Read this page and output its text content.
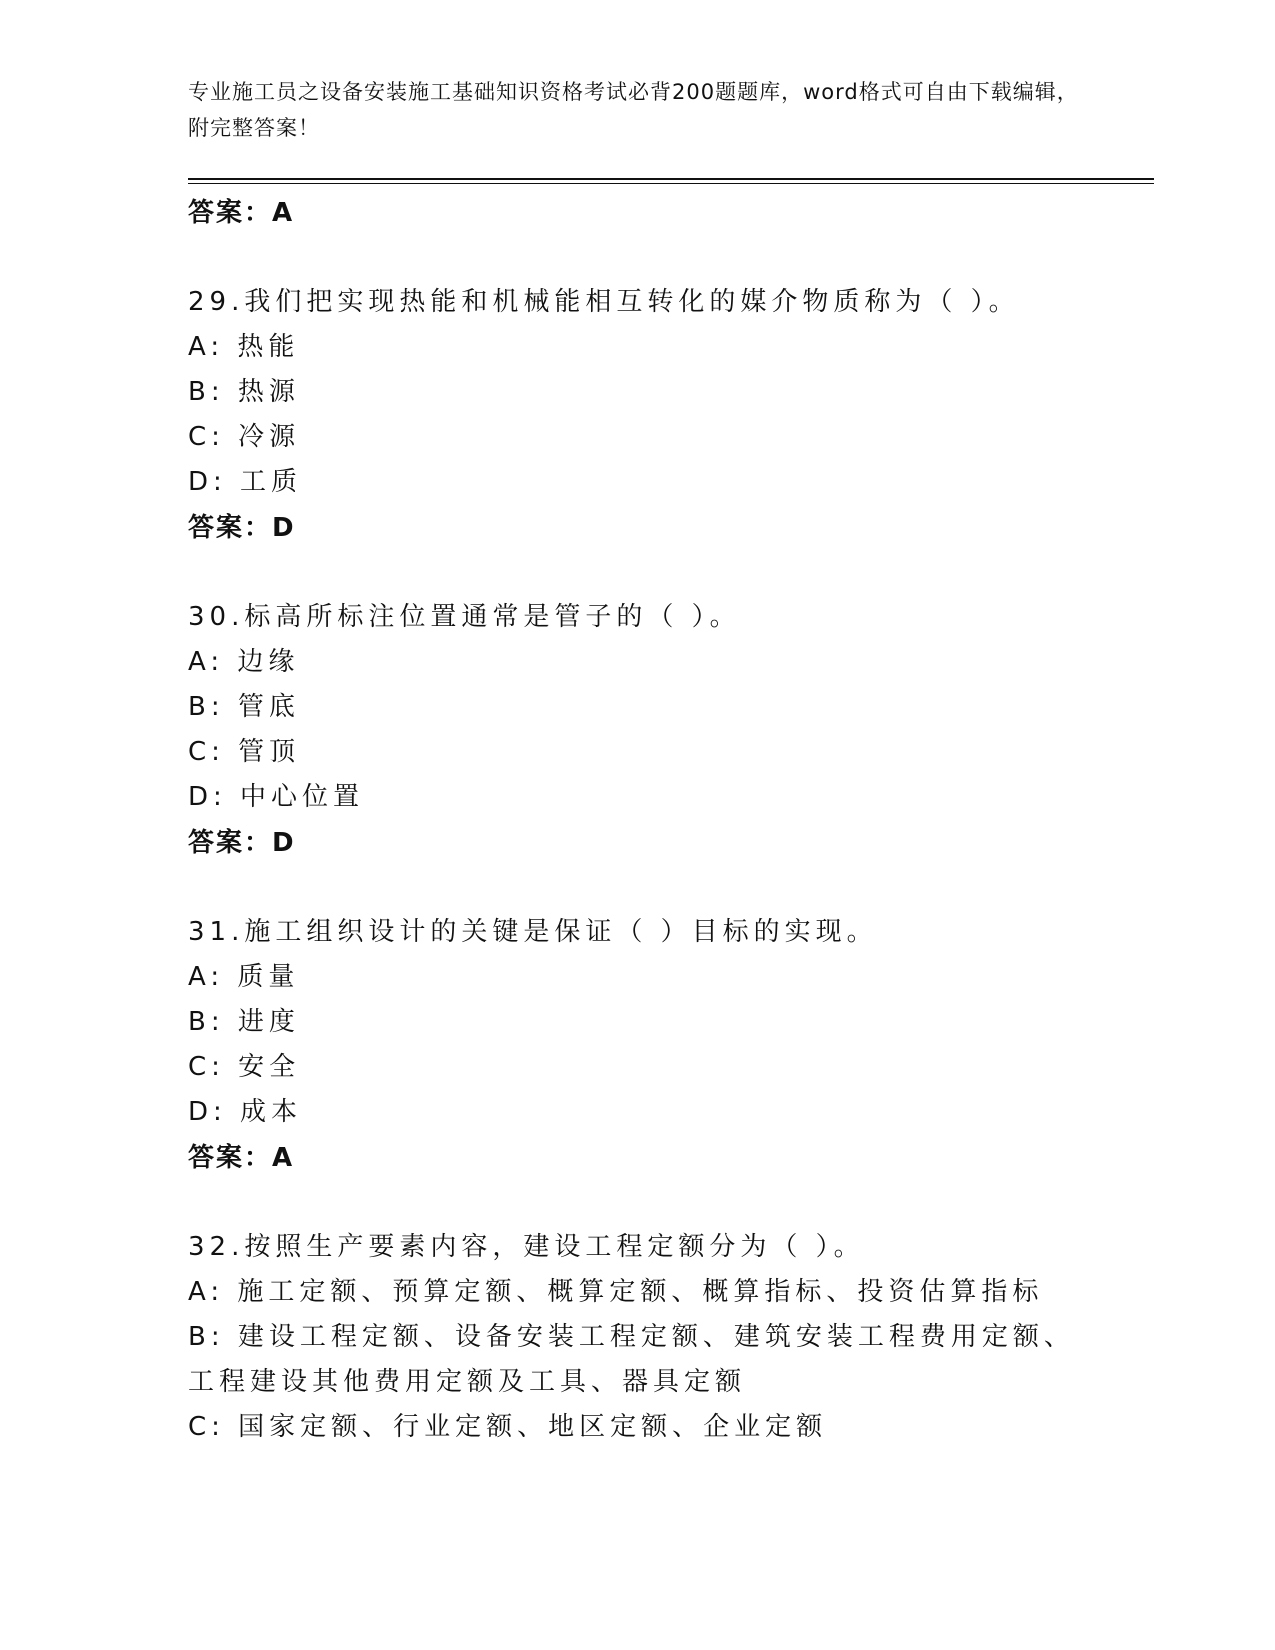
专业施工员之设备安装施工基础知识资格考试必背200题题库，word格式可自由下载编辑，附完整答案！
答案：A
29.我们把实现热能和机械能相互转化的媒介物质称为（ ）。
A: 热能
B: 热源
C: 冷源
D: 工质
答案：D
30.标高所标注位置通常是管子的（ ）。
A: 边缘
B: 管底
C: 管顶
D: 中心位置
答案：D
31.施工组织设计的关键是保证（ ）目标的实现。
A: 质量
B: 进度
C: 安全
D: 成本
答案：A
32.按照生产要素内容，建设工程定额分为（ ）。
A: 施工定额、预算定额、概算定额、概算指标、投资估算指标
B: 建设工程定额、设备安装工程定额、建筑安装工程费用定额、工程建设其他费用定额及工具、器具定额
C: 国家定额、行业定额、地区定额、企业定额
